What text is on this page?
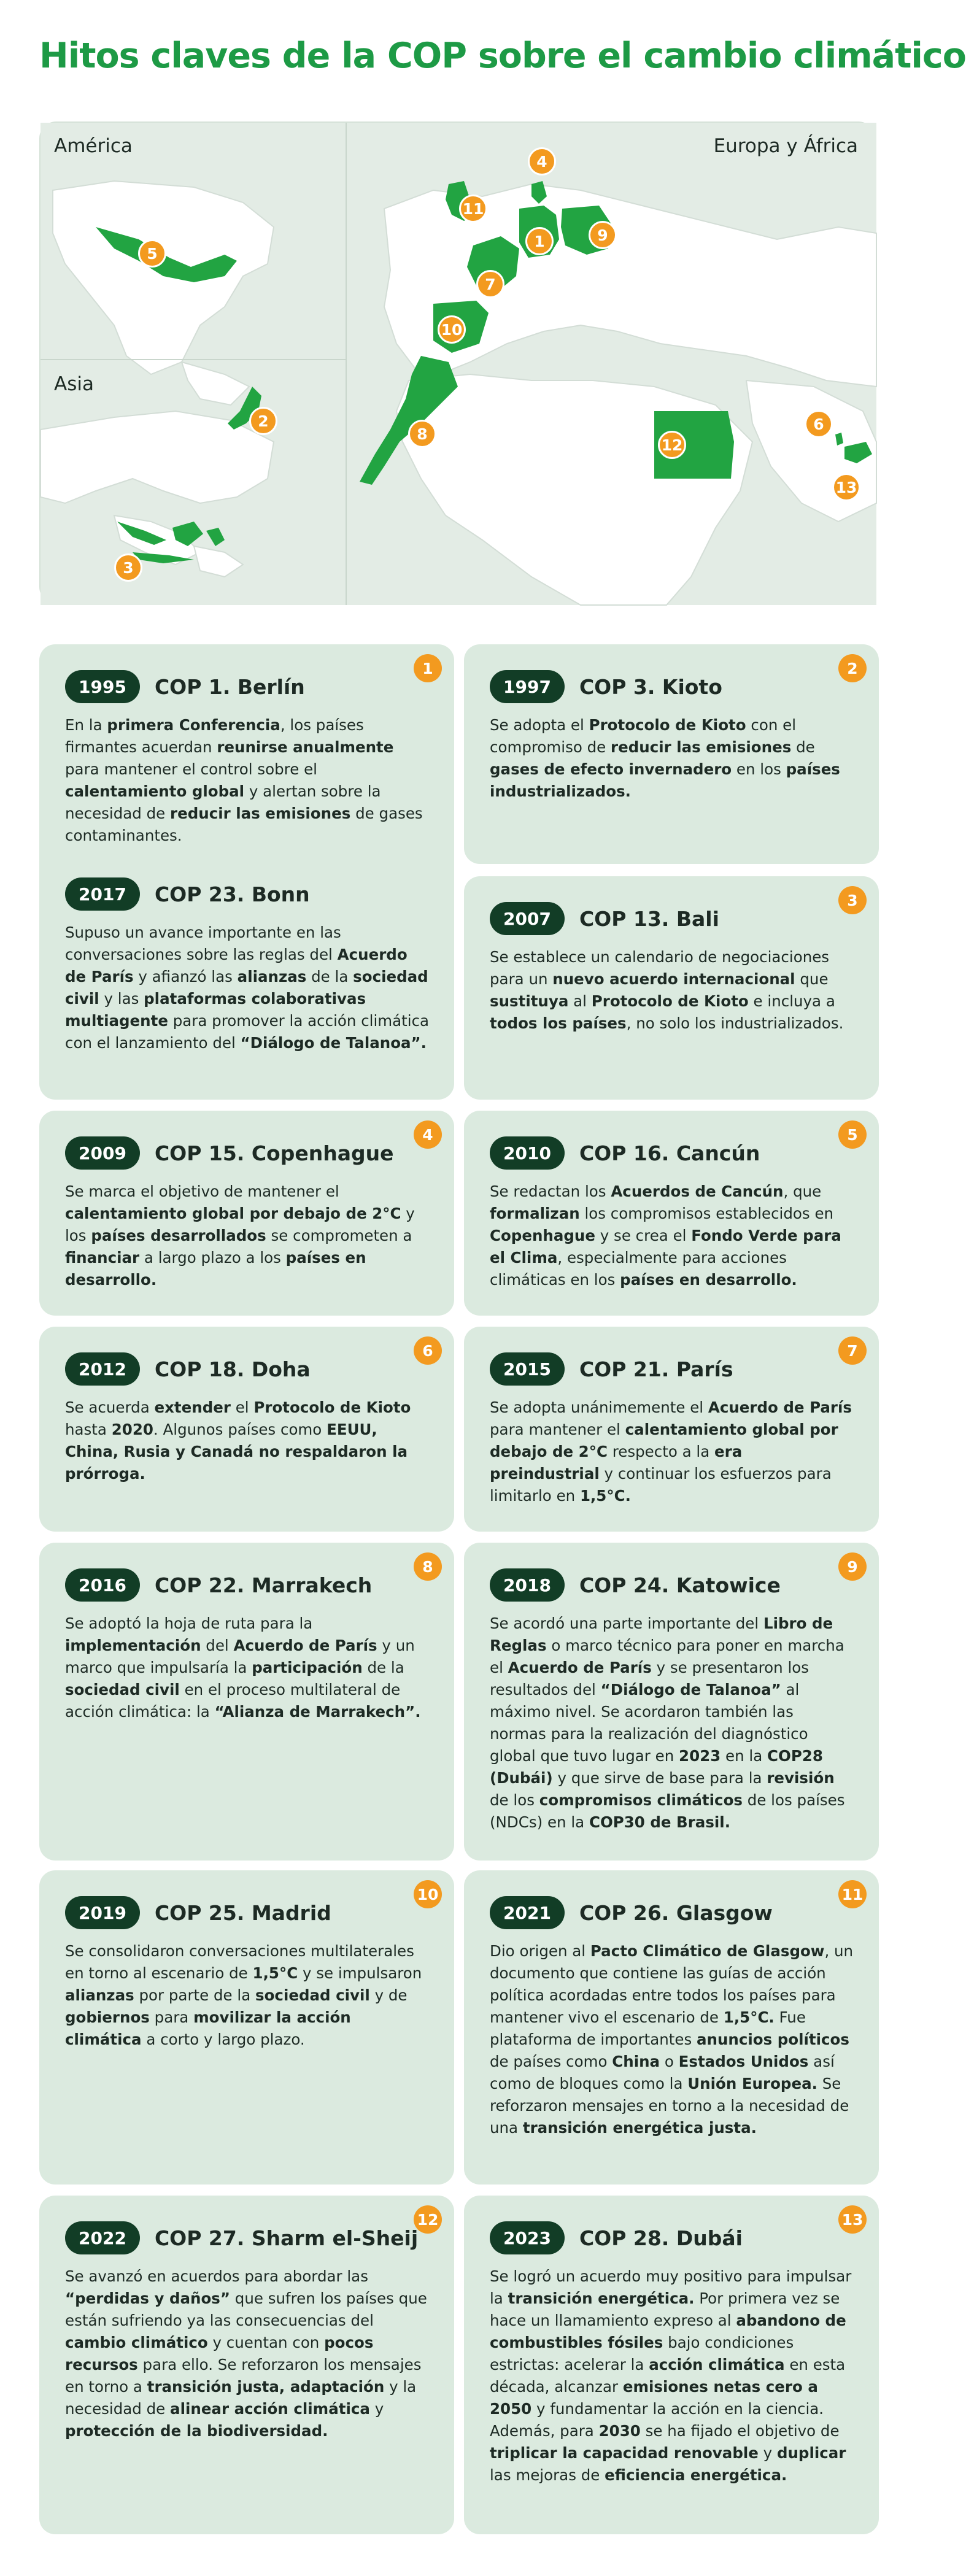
Hitos claves de la COP sobre el cambio climático
América
Asia
Europa y África
5
2
3
4
11
1	9
7
10
8
12
6
13
1
1995	COP 1. Berlín

En la primera Conferencia, los países firmantes acuerdan reunirse anualmente para mantener el control sobre el calentamiento global y alertan sobre la necesidad de reducir las emisiones de gases contaminantes.

2017	COP 23. Bonn

Supuso un avance importante en las conversaciones sobre las reglas del Acuerdo de París y afianzó las alianzas de la sociedad civil y las plataformas colaborativas multiagente para promover la acción climática con el lanzamiento del “Diálogo de Talanoa”.

2
1997	COP 3. Kioto

Se adopta el Protocolo de Kioto con el compromiso de reducir las emisiones de gases de efecto invernadero en los países industrializados.

3
2007	COP 13. Bali

Se establece un calendario de negociaciones para un nuevo acuerdo internacional que sustituya al Protocolo de Kioto e incluya a todos los países, no solo los industrializados.

4
2009	COP 15. Copenhague

Se marca el objetivo de mantener el calentamiento global por debajo de 2°C y los países desarrollados se comprometen a financiar a largo plazo a los países en desarrollo.

5
2010	COP 16. Cancún

Se redactan los Acuerdos de Cancún, que formalizan los compromisos establecidos en Copenhague y se crea el Fondo Verde para el Clima, especialmente para acciones climáticas en los países en desarrollo.

6
2012	COP 18. Doha

Se acuerda extender el Protocolo de Kioto hasta 2020. Algunos países como EEUU, China, Rusia y Canadá no respaldaron la prórroga.

7
2015	COP 21. París

Se adopta unánimemente el Acuerdo de París para mantener el calentamiento global por debajo de 2°C respecto a la era preindustrial y continuar los esfuerzos para limitarlo en 1,5°C.

8
2016	COP 22. Marrakech

Se adoptó la hoja de ruta para la implementación del Acuerdo de París y un marco que impulsaría la participación de la sociedad civil en el proceso multilateral de acción climática: la “Alianza de Marrakech”.

9
2018	COP 24. Katowice

Se acordó una parte importante del Libro de Reglas o marco técnico para poner en marcha el Acuerdo de París y se presentaron los resultados del “Diálogo de Talanoa” al máximo nivel. Se acordaron también las normas para la realización del diagnóstico global que tuvo lugar en 2023 en la COP28 (Dubái) y que sirve de base para la revisión de los compromisos climáticos de los países (NDCs) en la COP30 de Brasil.

10
2019	COP 25. Madrid

Se consolidaron conversaciones multilaterales en torno al escenario de 1,5°C y se impulsaron alianzas por parte de la sociedad civil y de gobiernos para movilizar la acción climática a corto y largo plazo.

11
2021	COP 26. Glasgow

Dio origen al Pacto Climático de Glasgow, un documento que contiene las guías de acción política acordadas entre todos los países para mantener vivo el escenario de 1,5°C. Fue plataforma de importantes anuncios políticos de países como China o Estados Unidos así como de bloques como la Unión Europea. Se reforzaron mensajes en torno a la necesidad de una transición energética justa.

12
2022	COP 27. Sharm el-Sheij

Se avanzó en acuerdos para abordar las “perdidas y daños” que sufren los países que están sufriendo ya las consecuencias del cambio climático y cuentan con pocos recursos para ello. Se reforzaron los mensajes en torno a transición justa, adaptación y la necesidad de alinear acción climática y protección de la biodiversidad.

13
2023	COP 28. Dubái

Se logró un acuerdo muy positivo para impulsar la transición energética. Por primera vez se hace un llamamiento expreso al abandono de combustibles fósiles bajo condiciones estrictas: acelerar la acción climática en esta década, alcanzar emisiones netas cero a 2050 y fundamentar la acción en la ciencia. Además, para 2030 se ha fijado el objetivo de triplicar la capacidad renovable y duplicar las mejoras de eficiencia energética.
